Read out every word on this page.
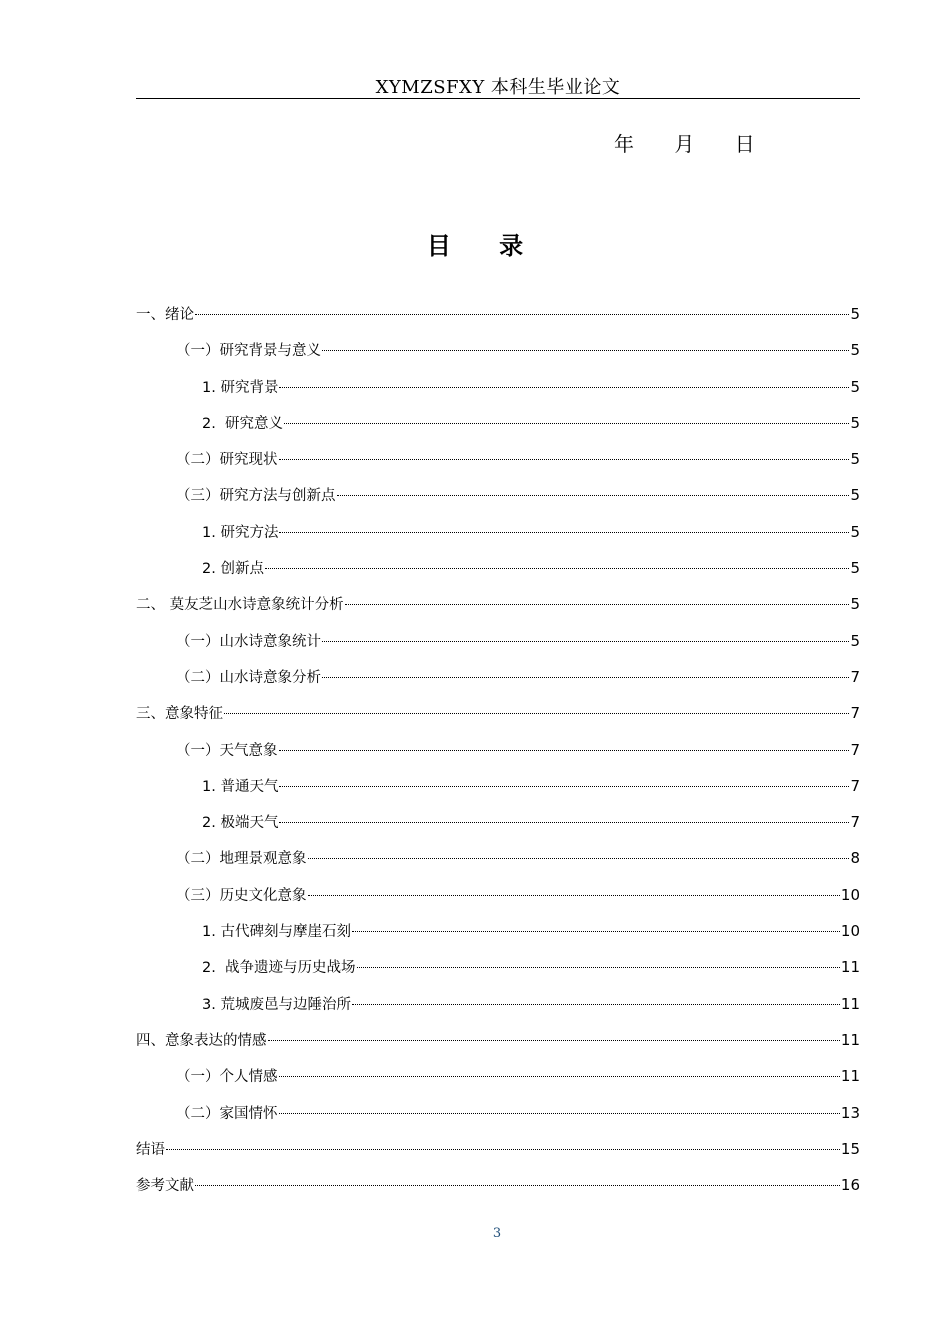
XYMZSFXY 本科生毕业论文
年 月 日
目 录
一、绪论	5
（一）研究背景与意义	5
1. 研究背景	5
2.  研究意义	5
（二）研究现状	5
（三）研究方法与创新点	5
1. 研究方法	5
2. 创新点	5
二、 莫友芝山水诗意象统计分析	5
（一）山水诗意象统计	5
（二）山水诗意象分析	7
三、意象特征	7
（一）天气意象	7
1. 普通天气	7
2. 极端天气	7
（二）地理景观意象	8
（三）历史文化意象	10
1. 古代碑刻与摩崖石刻	10
2.  战争遗迹与历史战场	11
3. 荒城废邑与边陲治所	11
四、意象表达的情感	11
（一）个人情感	11
（二）家国情怀	13
结语	15
参考文献	16
3
